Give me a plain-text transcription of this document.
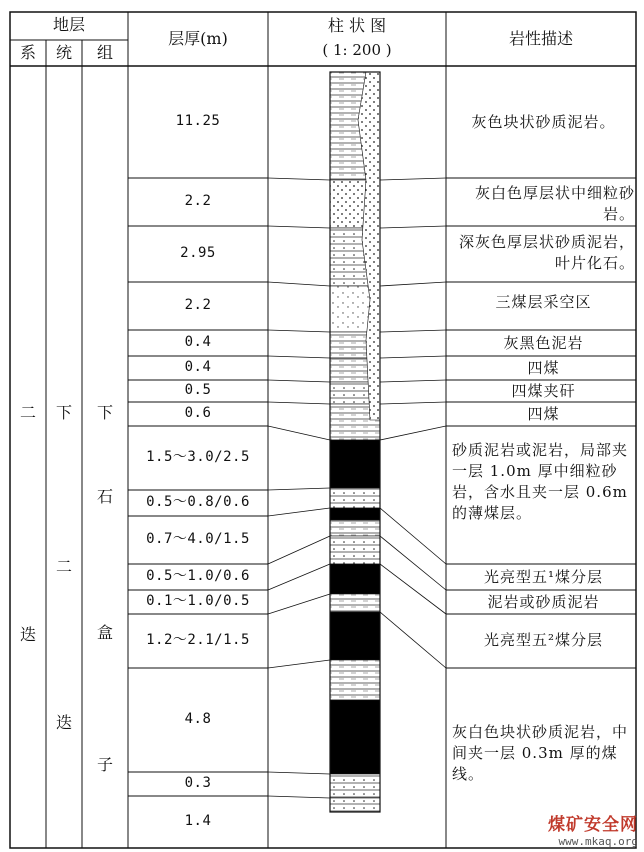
地层
系	统	组
层厚(m)
柱 状 图
( 1: 200 )
岩性描述
二
迭
下
二
迭
下
石
盒
子
11.25
2.2
2.95
2.2
0.4
0.4
0.5
0.6
1.5～3.0/2.5
0.5～0.8/0.6
0.7～4.0/1.5
0.5～1.0/0.6
0.1～1.0/0.5
1.2～2.1/1.5
4.8
0.3
1.4
灰色块状砂质泥岩。
灰白色厚层状中细粒砂岩。
深灰色厚层状砂质泥岩，叶片化石。
三煤层采空区
灰黑色泥岩
四煤
四煤夹矸
四煤
砂质泥岩或泥岩，局部夹一层 1.0m 厚中细粒砂岩，含水且夹一层 0.6m 的薄煤层。
光亮型五¹煤分层
泥岩或砂质泥岩
光亮型五²煤分层
灰白色块状砂质泥岩，中间夹一层 0.3m 厚的煤线。
煤矿安全网
www.mkaq.org
